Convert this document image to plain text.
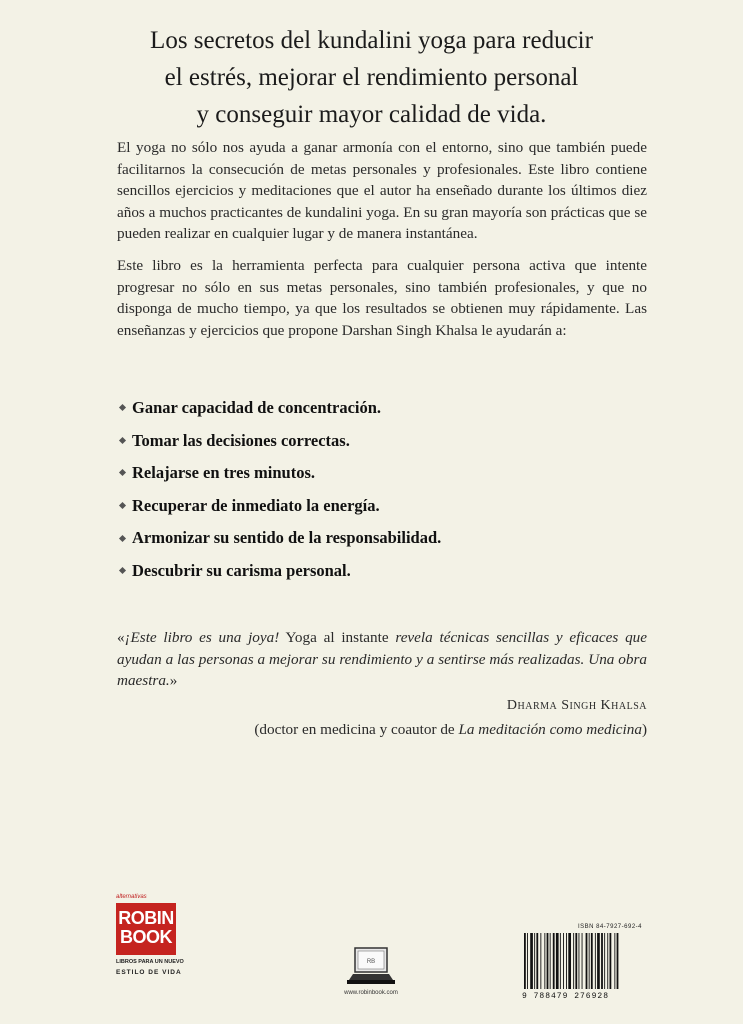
Los secretos del kundalini yoga para reducir
el estrés, mejorar el rendimiento personal
y conseguir mayor calidad de vida.

El yoga no sólo nos ayuda a ganar armonía con el entorno, sino que también puede facilitarnos la consecución de metas personales y profesionales. Este libro contiene sencillos ejercicios y meditaciones que el autor ha enseñado durante los últimos diez años a muchos practicantes de kundalini yoga. En su gran mayoría son prácticas que se pueden realizar en cualquier lugar y de manera instantánea.

Este libro es la herramienta perfecta para cualquier persona activa que intente progresar no sólo en sus metas personales, sino también profesionales, y que no disponga de mucho tiempo, ya que los resultados se obtienen muy rápidamente. Las enseñanzas y ejercicios que propone Darshan Singh Khalsa le ayudarán a:

Ganar capacidad de concentración.
Tomar las decisiones correctas.
Relajarse en tres minutos.
Recuperar de inmediato la energía.
Armonizar su sentido de la responsabilidad.
Descubrir su carisma personal.
«¡Este libro es una joya! Yoga al instante revela técnicas sencillas y eficaces que ayudan a las personas a mejorar su rendimiento y a sentirse más realizadas. Una obra maestra.»
Dharma Singh Khalsa
(doctor en medicina y coautor de La meditación como medicina)
alternativas
ROBIN
BOOK
LIBROS PARA UN NUEVO
ESTILO DE VIDA
RB
www.robinbook.com
ISBN 84-7927-692-4
9 788479 276928
